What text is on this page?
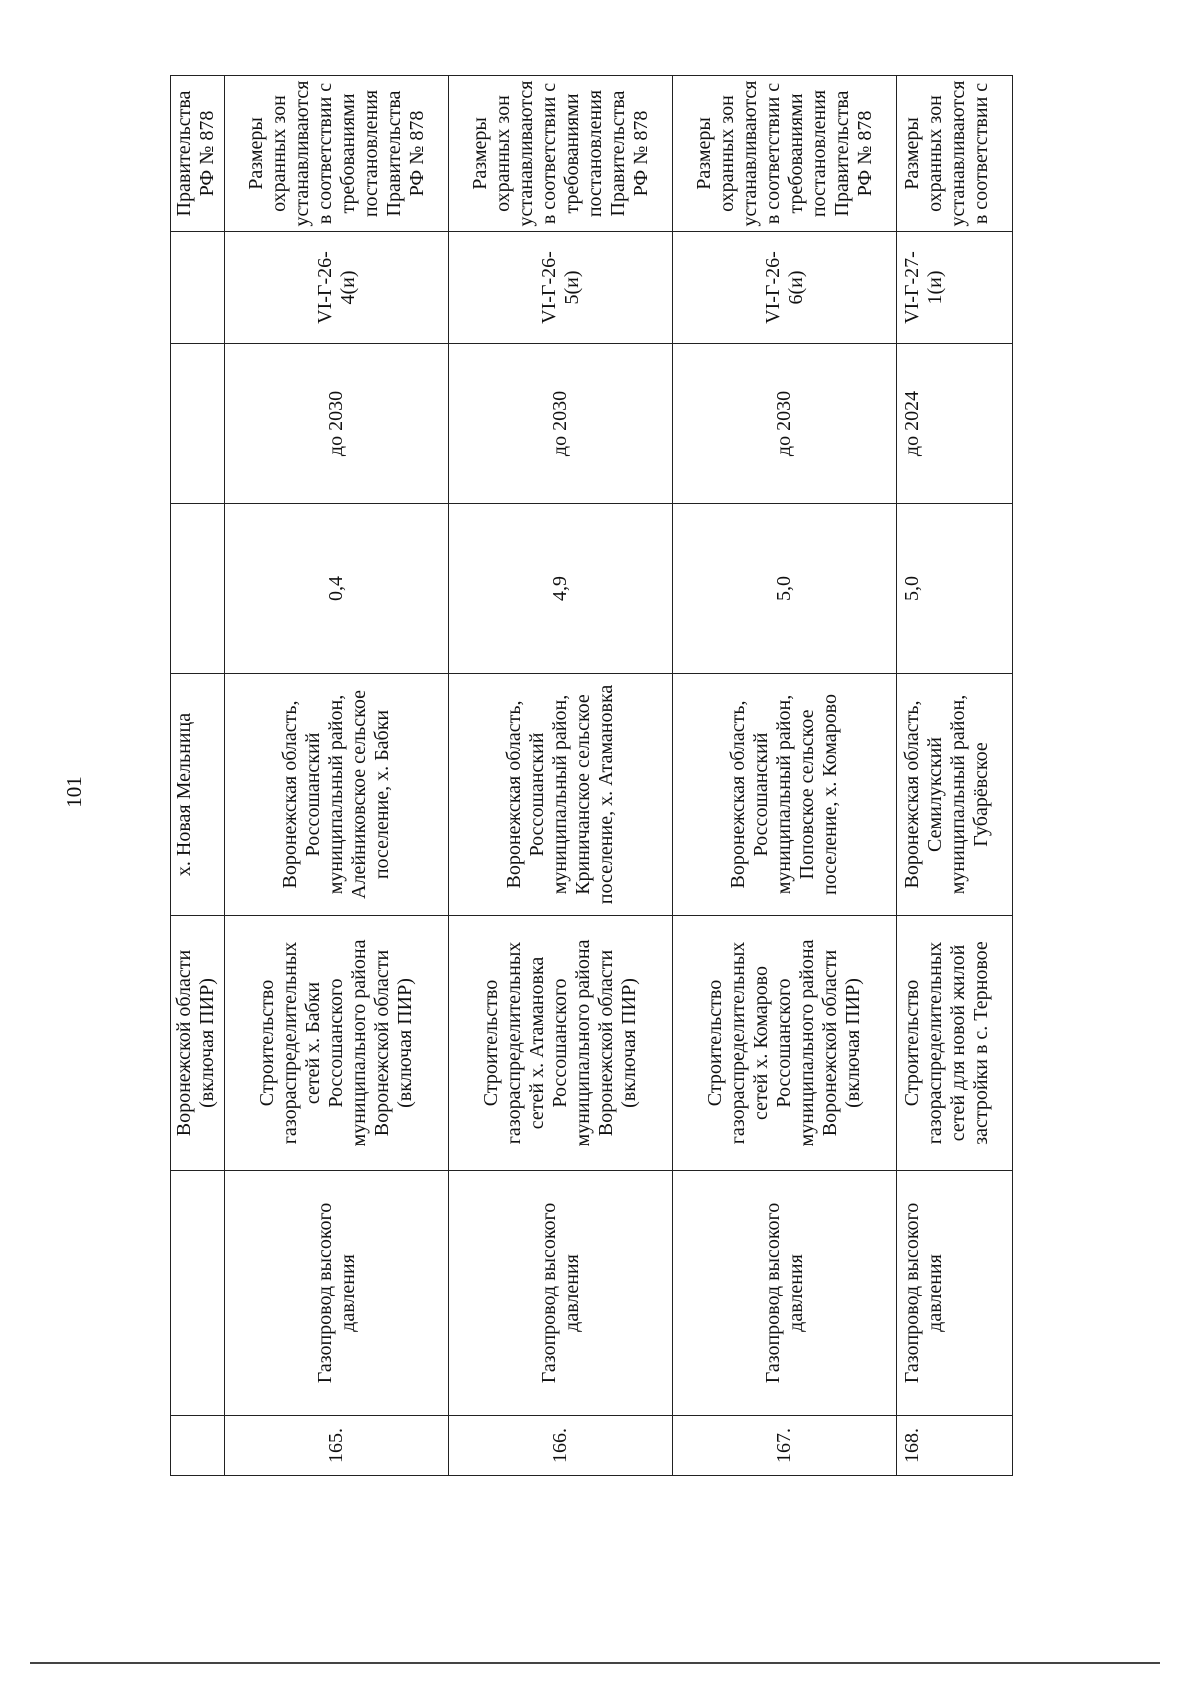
101
		Воронежской области (включая ПИР)	х. Новая Мельница				Правительства РФ № 878
165.	Газопровод высокого давления	Строительство газораспределительных сетей х. Бабки Россошанского муниципального района Воронежской области (включая ПИР)	Воронежская область, Россошанский муниципальный район, Алейниковское сельское поселение, х. Бабки	0,4	до 2030	VI-Г-26-4(и)	Размеры охранных зон устанавливаются в соответствии с требованиями постановления Правительства РФ № 878
166.	Газопровод высокого давления	Строительство газораспределительных сетей х. Атамановка Россошанского муниципального района Воронежской области (включая ПИР)	Воронежская область, Россошанский муниципальный район, Криничанское сельское поселение, х. Атамановка	4,9	до 2030	VI-Г-26-5(и)	Размеры охранных зон устанавливаются в соответствии с требованиями постановления Правительства РФ № 878
167.	Газопровод высокого давления	Строительство газораспределительных сетей х. Комарово Россошанского муниципального района Воронежской области (включая ПИР)	Воронежская область, Россошанский муниципальный район, Поповское сельское поселение, х. Комарово	5,0	до 2030	VI-Г-26-6(и)	Размеры охранных зон устанавливаются в соответствии с требованиями постановления Правительства РФ № 878
168.	Газопровод высокого давления	Строительство газораспределительных сетей для новой жилой застройки в с. Терновое	Воронежская область, Семилукский муниципальный район, Губарёвское	5,0	до 2024	VI-Г-27-1(и)	Размеры охранных зон устанавливаются в соответствии с
